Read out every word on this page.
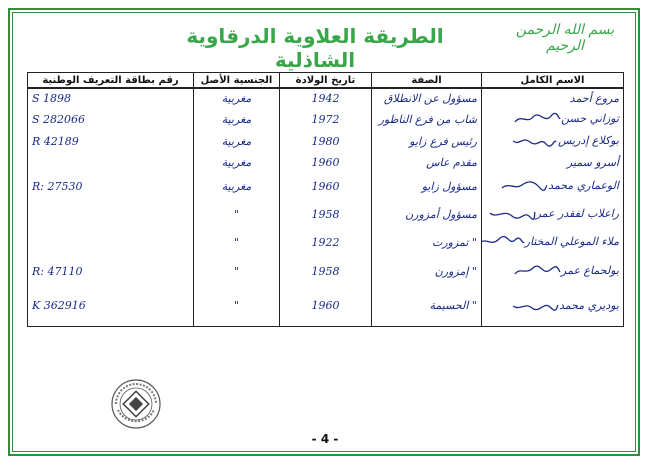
بسم الله الرحمن الرحيم
الطريقة العلاوية الدرقاوية الشاذلية
الاسم الكامل	الصفة	تاريخ الولادة	الجنسية الأصل	رقم بطاقة التعريف الوطنية
مروع أحمد	مسؤول عن الانطلاق	1942	مغربية	S 1898
توزاني حسن	شاب من فرع الناظور	1972	مغربية	S 282066
بوكلاع إدريس	رئيس فرع زايو	1980	مغربية	R 42189
أسرو سمير	مقدم عاس	1960	مغربية	
الوعماري محمد	مسؤول زايو	1960	مغربية	R: 27530
راعلاب لفقدر عمر	مسؤول أمزورن	1958	"	
ملاء الموعلي المختار	" تمزورت	1922	"	
بولحماع عمر	" إمزورن	1958	"	R: 47110
بوديري محمد	" الحسيمة	1960	"	K 362916
- 4 -
